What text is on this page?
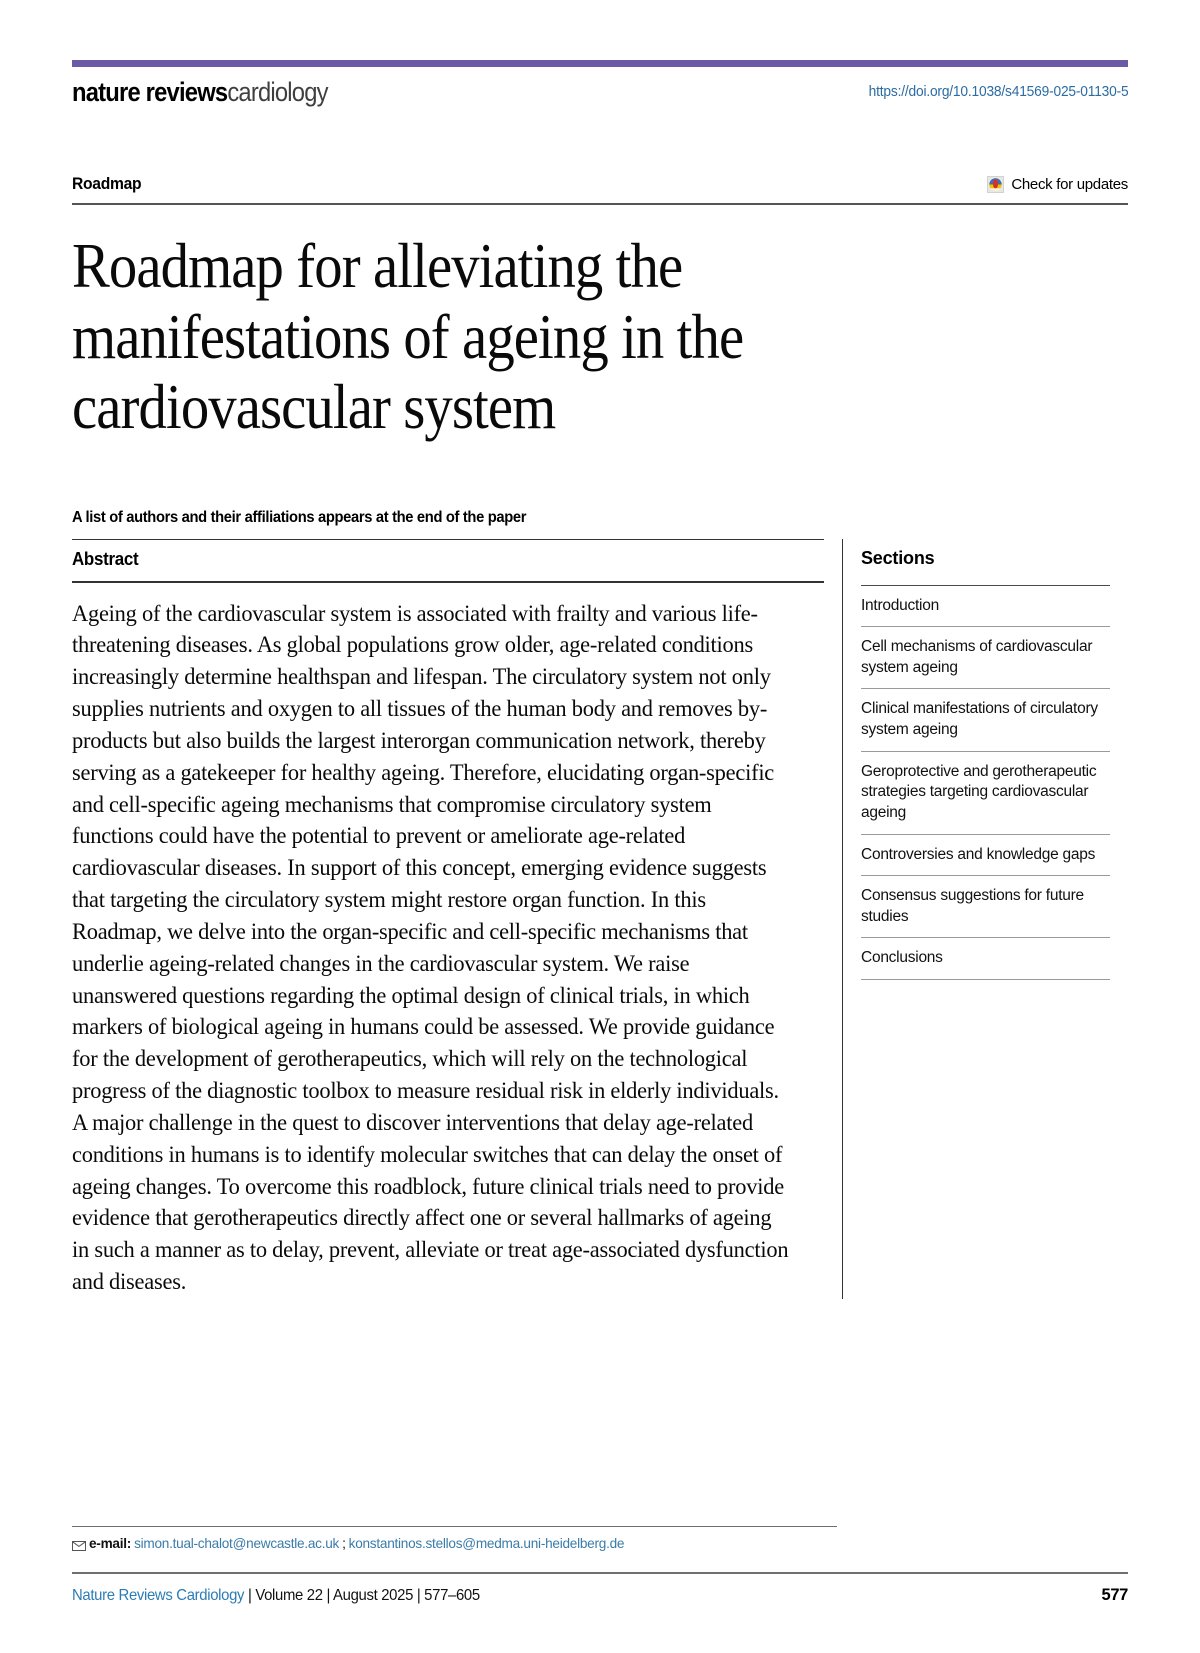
nature reviewscardiology	https://doi.org/10.1038/s41569-025-01130-5
Roadmap	Check for updates
Roadmap for alleviating the manifestations of ageing in the cardiovascular system
A list of authors and their affiliations appears at the end of the paper
Abstract
Ageing of the cardiovascular system is associated with frailty and various life-threatening diseases. As global populations grow older, age-related conditions increasingly determine healthspan and lifespan. The circulatory system not only supplies nutrients and oxygen to all tissues of the human body and removes by-products but also builds the largest interorgan communication network, thereby serving as a gatekeeper for healthy ageing. Therefore, elucidating organ-specific and cell-specific ageing mechanisms that compromise circulatory system functions could have the potential to prevent or ameliorate age-related cardiovascular diseases. In support of this concept, emerging evidence suggests that targeting the circulatory system might restore organ function. In this Roadmap, we delve into the organ-specific and cell-specific mechanisms that underlie ageing-related changes in the cardiovascular system. We raise unanswered questions regarding the optimal design of clinical trials, in which markers of biological ageing in humans could be assessed. We provide guidance for the development of gerotherapeutics, which will rely on the technological progress of the diagnostic toolbox to measure residual risk in elderly individuals. A major challenge in the quest to discover interventions that delay age-related conditions in humans is to identify molecular switches that can delay the onset of ageing changes. To overcome this roadblock, future clinical trials need to provide evidence that gerotherapeutics directly affect one or several hallmarks of ageing in such a manner as to delay, prevent, alleviate or treat age-associated dysfunction and diseases.
Sections
Introduction
Cell mechanisms of cardiovascular system ageing
Clinical manifestations of circulatory system ageing
Geroprotective and gerotherapeutic strategies targeting cardiovascular ageing
Controversies and knowledge gaps
Consensus suggestions for future studies
Conclusions
e-mail: simon.tual-chalot@newcastle.ac.uk ; konstantinos.stellos@medma.uni-heidelberg.de
Nature Reviews Cardiology | Volume 22 | August 2025 | 577–605	577
